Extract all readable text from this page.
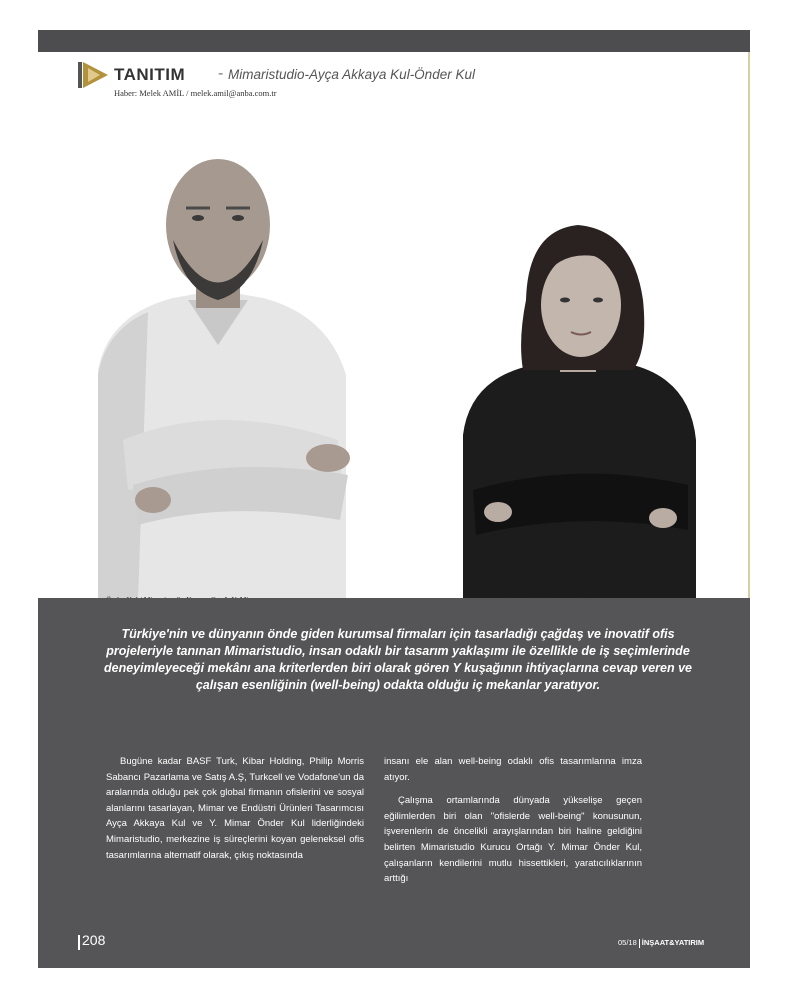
TANITIM - Mimaristudio-Ayça Akkaya Kul-Önder Kul
Haber: Melek AMİL / melek.amil@anba.com.tr
Türkiye'nin ve dünyanın önde giden kurumsal firmaları için tasarladığı çağdaş ve inovatif ofis projeleriyle tanınan Mimaristudio, insan odaklı bir tasarım yaklaşımı ile özellikle de iş seçimlerinde deneyimleyeceği mekânı ana kriterlerden biri olarak gören Y kuşağının ihtiyaçlarına cevap veren ve çalışan esenliğinin (well-being) odakta olduğu iç mekanlar yaratıyor.

Bugüne kadar BASF Turk, Kibar Holding, Philip Morris Sabancı Pazarlama ve Satış A.Ş, Turkcell ve Vodafone'un da aralarında olduğu pek çok global firmanın ofislerini ve sosyal alanlarını tasarlayan, Mimar ve Endüstri Ürünleri Tasarımcısı Ayça Akkaya Kul ve Y. Mimar Önder Kul liderliğindeki Mimaristudio, merkezine iş süreçlerini koyan geleneksel ofis tasarımlarına alternatif olarak, çıkış noktasında

insanı ele alan well-being odaklı ofis tasarımlarına imza atıyor.

Çalışma ortamlarında dünyada yükselişe geçen eğilimlerden biri olan "ofislerde well-being" konusunun, işverenlerin de öncelikli arayışlarından biri haline geldiğini belirten Mimaristudio Kurucu Ortağı Y. Mimar Önder Kul, çalışanların kendilerini mutlu hissettikleri, yaratıcılıklarının arttığı

208	05/18 İNŞAAT&YATIRIM
